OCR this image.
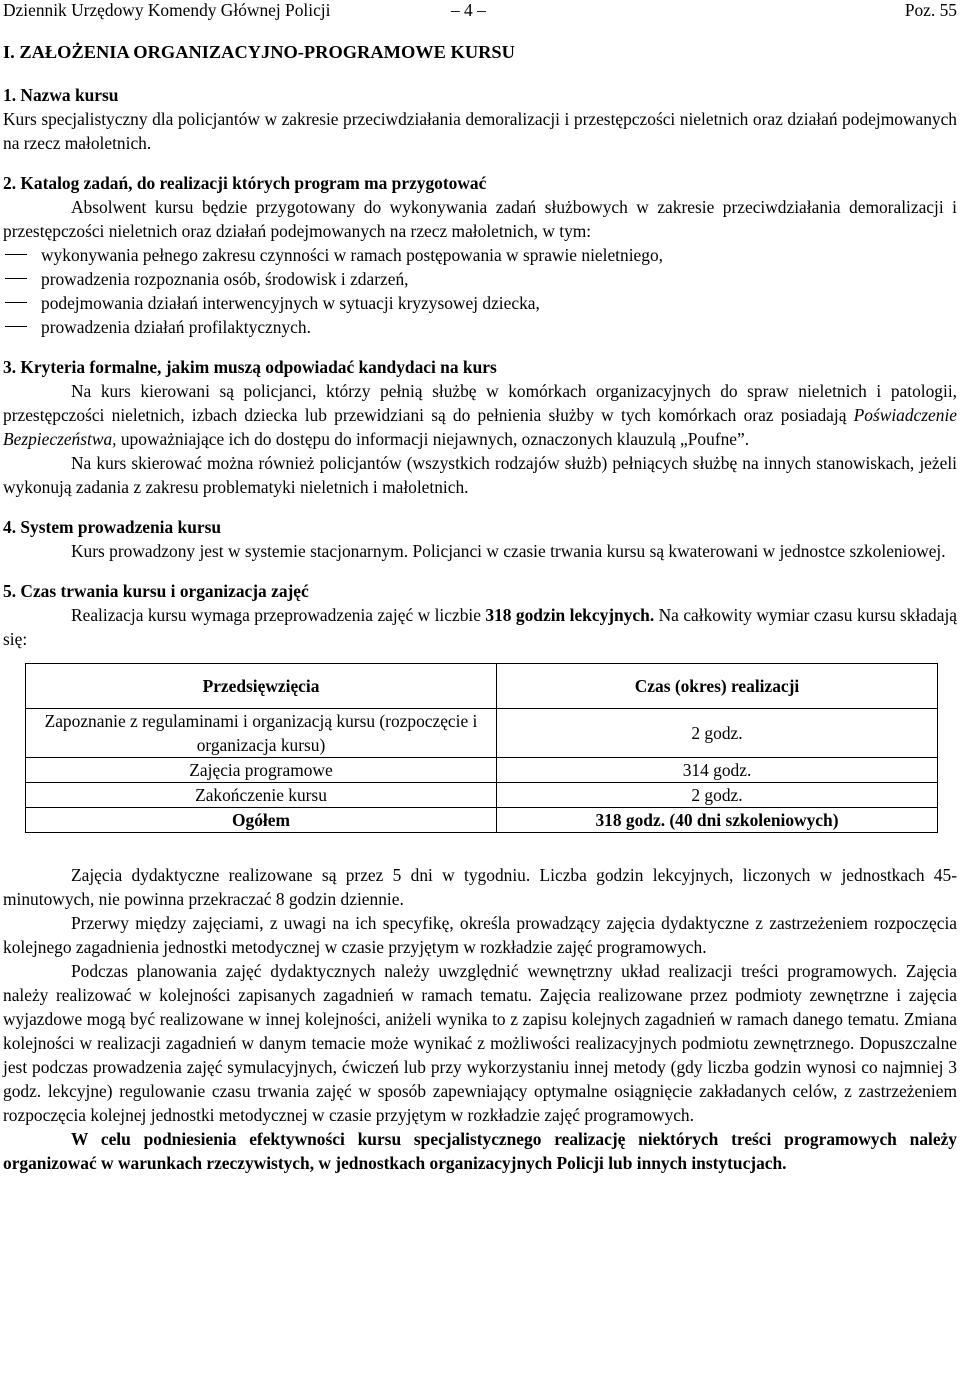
Dziennik Urzędowy Komendy Głównej Policji	– 4 –	Poz. 55

I. ZAŁOŻENIA ORGANIZACYJNO-PROGRAMOWE KURSU

1. Nazwa kursu

Kurs specjalistyczny dla policjantów w zakresie przeciwdziałania demoralizacji i przestępczości nieletnich oraz działań podejmowanych na rzecz małoletnich.

2. Katalog zadań, do realizacji których program ma przygotować

Absolwent kursu będzie przygotowany do wykonywania zadań służbowych w zakresie przeciwdziałania demoralizacji i przestępczości nieletnich oraz działań podejmowanych na rzecz małoletnich, w tym:

wykonywania pełnego zakresu czynności w ramach postępowania w sprawie nieletniego,
prowadzenia rozpoznania osób, środowisk i zdarzeń,
podejmowania działań interwencyjnych w sytuacji kryzysowej dziecka,
prowadzenia działań profilaktycznych.

3. Kryteria formalne, jakim muszą odpowiadać kandydaci na kurs

Na kurs kierowani są policjanci, którzy pełnią służbę w komórkach organizacyjnych do spraw nieletnich i patologii, przestępczości nieletnich, izbach dziecka lub przewidziani są do pełnienia służby w tych komórkach oraz posiadają Poświadczenie Bezpieczeństwa, upoważniające ich do dostępu do informacji niejawnych, oznaczonych klauzulą „Poufne”.

Na kurs skierować można również policjantów (wszystkich rodzajów służb) pełniących służbę na innych stanowiskach, jeżeli wykonują zadania z zakresu problematyki nieletnich i małoletnich.

4. System prowadzenia kursu

Kurs prowadzony jest w systemie stacjonarnym. Policjanci w czasie trwania kursu są kwaterowani w jednostce szkoleniowej.

5. Czas trwania kursu i organizacja zajęć

Realizacja kursu wymaga przeprowadzenia zajęć w liczbie 318 godzin lekcyjnych. Na całkowity wymiar czasu kursu składają się:

Przedsięwzięcia	Czas (okres) realizacji
Zapoznanie z regulaminami i organizacją kursu (rozpoczęcie i organizacja kursu)	2 godz.
Zajęcia programowe	314 godz.
Zakończenie kursu	2 godz.
Ogółem	318 godz. (40 dni szkoleniowych)

Zajęcia dydaktyczne realizowane są przez 5 dni w tygodniu. Liczba godzin lekcyjnych, liczonych w jednostkach 45-minutowych, nie powinna przekraczać 8 godzin dziennie.

Przerwy między zajęciami, z uwagi na ich specyfikę, określa prowadzący zajęcia dydaktyczne z zastrzeżeniem rozpoczęcia kolejnego zagadnienia jednostki metodycznej w czasie przyjętym w rozkładzie zajęć programowych.

Podczas planowania zajęć dydaktycznych należy uwzględnić wewnętrzny układ realizacji treści programowych. Zajęcia należy realizować w kolejności zapisanych zagadnień w ramach tematu. Zajęcia realizowane przez podmioty zewnętrzne i zajęcia wyjazdowe mogą być realizowane w innej kolejności, aniżeli wynika to z zapisu kolejnych zagadnień w ramach danego tematu. Zmiana kolejności w realizacji zagadnień w danym temacie może wynikać z możliwości realizacyjnych podmiotu zewnętrznego. Dopuszczalne jest podczas prowadzenia zajęć symulacyjnych, ćwiczeń lub przy wykorzystaniu innej metody (gdy liczba godzin wynosi co najmniej 3 godz. lekcyjne) regulowanie czasu trwania zajęć w sposób zapewniający optymalne osiągnięcie zakładanych celów, z zastrzeżeniem rozpoczęcia kolejnej jednostki metodycznej w czasie przyjętym w rozkładzie zajęć programowych.

W celu podniesienia efektywności kursu specjalistycznego realizację niektórych treści programowych należy organizować w warunkach rzeczywistych, w jednostkach organizacyjnych Policji lub innych instytucjach.
